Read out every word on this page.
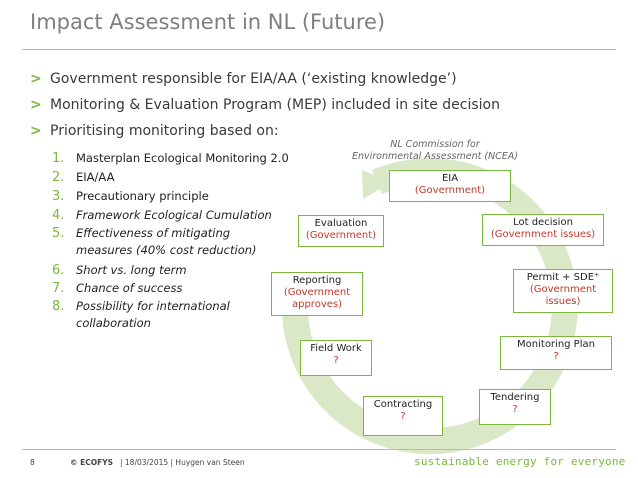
Impact Assessment in NL (Future)
> Government responsible for EIA/AA (‘existing knowledge’)
> Monitoring & Evaluation Program (MEP) included in site decision
> Prioritising monitoring based on:
1. Masterplan Ecological Monitoring 2.0
2. EIA/AA
3. Precautionary principle
4. Framework Ecological Cumulation
5. Effectiveness of mitigating
measures (40% cost reduction)
6. Short vs. long term
7. Chance of success
8. Possibility for international
collaboration
NL Commission for
Environmental Assessment (NCEA)
EIA
(Government)
Lot decision
(Government issues)
Permit + SDE⁺
(Government issues)
Monitoring Plan
?
Tendering
?
Contracting
?
Field Work
?
Reporting
(Government approves)
Evaluation
(Government)
8	© ECOFYS | 18/03/2015 | Huygen van Steen	sustainable energy for everyone
